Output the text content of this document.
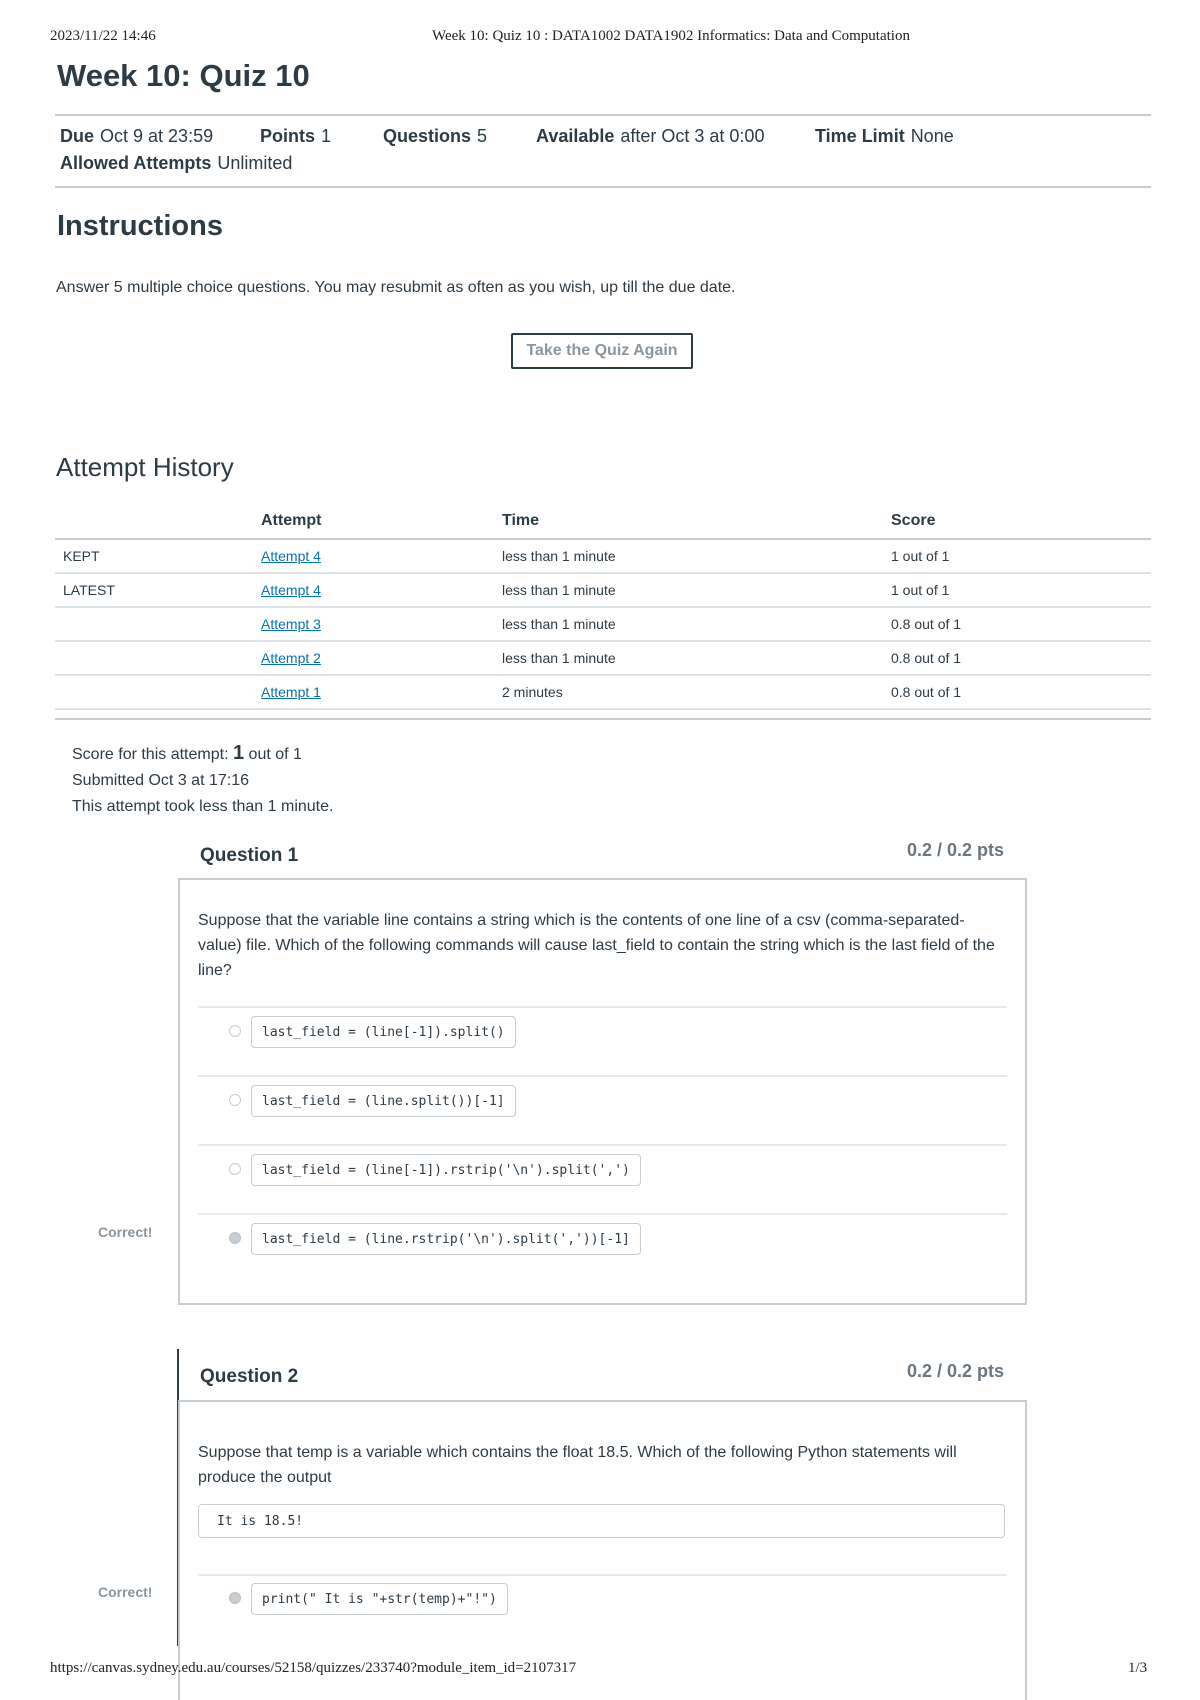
2023/11/22 14:46	Week 10: Quiz 10 : DATA1002 DATA1902 Informatics: Data and Computation
Week 10: Quiz 10
Due Oct 9 at 23:59	Points 1	Questions 5	Available after Oct 3 at 0:00	Time Limit None
Allowed Attempts Unlimited
Instructions
Answer 5 multiple choice questions. You may resubmit as often as you wish, up till the due date.
Take the Quiz Again
Attempt History
	Attempt	Time	Score
KEPT	Attempt 4	less than 1 minute	1 out of 1
LATEST	Attempt 4	less than 1 minute	1 out of 1
	Attempt 3	less than 1 minute	0.8 out of 1
	Attempt 2	less than 1 minute	0.8 out of 1
	Attempt 1	2 minutes	0.8 out of 1
Score for this attempt: 1 out of 1
Submitted Oct 3 at 17:16
This attempt took less than 1 minute.
Question 1	0.2 / 0.2 pts
Suppose that the variable line contains a string which is the contents of one line of a csv (comma-separated-value) file. Which of the following commands will cause last_field to contain the string which is the last field of the line?
last_field = (line[-1]).split()
last_field = (line.split())[-1]
last_field = (line[-1]).rstrip('\n').split(',')
Correct!	last_field = (line.rstrip('\n').split(','))[-1]
Question 2	0.2 / 0.2 pts
Suppose that temp is a variable which contains the float 18.5. Which of the following Python statements will produce the output
It is 18.5!
Correct!	print(" It is "+str(temp)+"!")
https://canvas.sydney.edu.au/courses/52158/quizzes/233740?module_item_id=2107317	1/3
